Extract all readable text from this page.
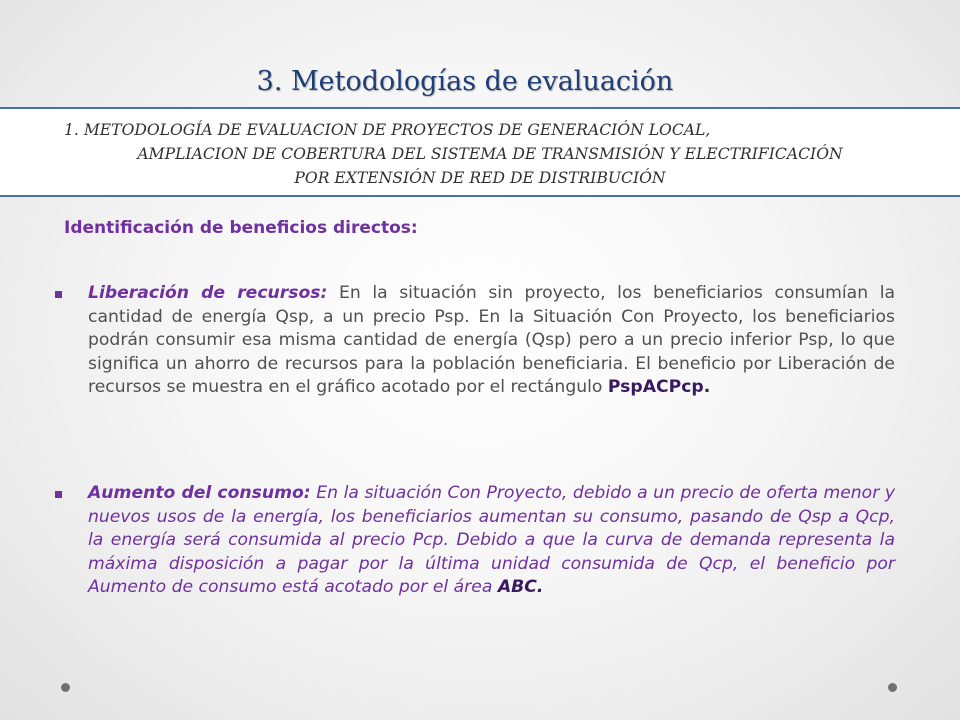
3. Metodologías de evaluación
1. METODOLOGÍA DE EVALUACION DE PROYECTOS DE GENERACIÓN LOCAL,
AMPLIACION DE COBERTURA DEL SISTEMA DE TRANSMISIÓN Y ELECTRIFICACIÓN
POR EXTENSIÓN DE RED DE DISTRIBUCIÓN
Identificación de beneficios directos:
Liberación de recursos: En la situación sin proyecto, los beneficiarios consumían la cantidad de energía Qsp, a un precio Psp. En la Situación Con Proyecto, los beneficiarios podrán consumir esa misma cantidad de energía (Qsp) pero a un precio inferior Psp, lo que significa un ahorro de recursos para la población beneficiaria. El beneficio por Liberación de recursos se muestra en el gráfico acotado por el rectángulo PspACPcp.
Aumento del consumo: En la situación Con Proyecto, debido a un precio de oferta menor y nuevos usos de la energía, los beneficiarios aumentan su consumo, pasando de Qsp a Qcp, la energía será consumida al precio Pcp. Debido a que la curva de demanda representa la máxima disposición a pagar por la última unidad consumida de Qcp, el beneficio por Aumento de consumo está acotado por el área ABC.
